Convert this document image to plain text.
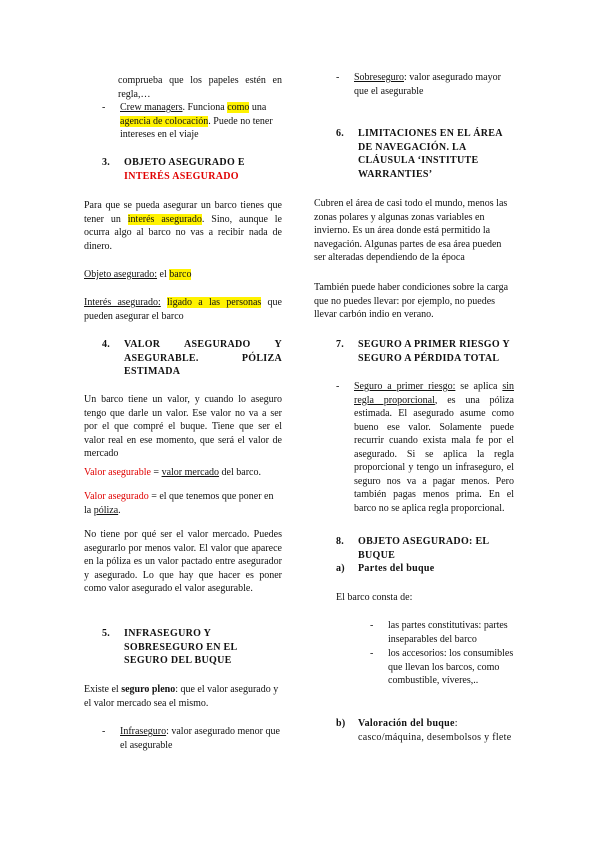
comprueba que los papeles estén en regla,…

-	Crew managers. Funciona como una agencia de colocación. Puede no tener intereses en el viaje
3.	OBJETO ASEGURADO E
INTERÉS ASEGURADO

Para que se pueda asegurar un barco tienes que tener un interés asegurado. Sino, aunque le ocurra algo al barco no vas a recibir nada de dinero.

Objeto asegurado: el barco

Interés asegurado: ligado a las personas que pueden asegurar el barco

4.	VALOR ASEGURADO Y ASEGURABLE. PÓLIZA ESTIMADA

Un barco tiene un valor, y cuando lo aseguro tengo que darle un valor. Ese valor no va a ser por el que compré el buque. Tiene que ser el valor real en ese momento, que será el valor de mercado

Valor asegurable = valor mercado del barco.

Valor asegurado = el que tenemos que poner en la póliza.

No tiene por qué ser el valor mercado. Puedes asegurarlo por menos valor. El valor que aparece en la póliza es un valor pactado entre asegurador y asegurado. Lo que hay que hacer es poner como valor asegurado el valor asegurable.

5.	INFRASEGURO Y
SOBRESEGURO EN EL
SEGURO DEL BUQUE

Existe el seguro pleno: que el valor asegurado y el valor mercado sea el mismo.

-	Infraseguro: valor asegurado menor que el asegurable
-	Sobreseguro: valor asegurado mayor que el asegurable
6.	LIMITACIONES EN EL ÁREA
DE NAVEGACIÓN. LA
CLÁUSULA ‘INSTITUTE
WARRANTIES’

Cubren el área de casi todo el mundo, menos las zonas polares y algunas zonas variables en invierno. Es un área donde está permitido la navegación. Algunas partes de esa área pueden ser alteradas dependiendo de la época

También puede haber condiciones sobre la carga que no puedes llevar: por ejemplo, no puedes llevar carbón indio en verano.

7.	SEGURO A PRIMER RIESGO Y
SEGURO A PÉRDIDA TOTAL
-	Seguro a primer riesgo: se aplica sin regla proporcional, es una póliza estimada. El asegurado asume como bueno ese valor. Solamente puede recurrir cuando exista mala fe por el asegurado. Si se aplica la regla proporcional y tengo un infraseguro, el seguro nos va a pagar menos. Pero también pagas menos prima. En el barco no se aplica regla proporcional.
8.	OBJETO ASEGURADO: EL
BUQUE
a)	Partes del buque

El barco consta de:

-	las partes constitutivas: partes inseparables del barco
-	los accesorios: los consumibles que llevan los barcos, como combustible, víveres,..
b)	Valoración del buque: casco/máquina, desembolsos y flete
